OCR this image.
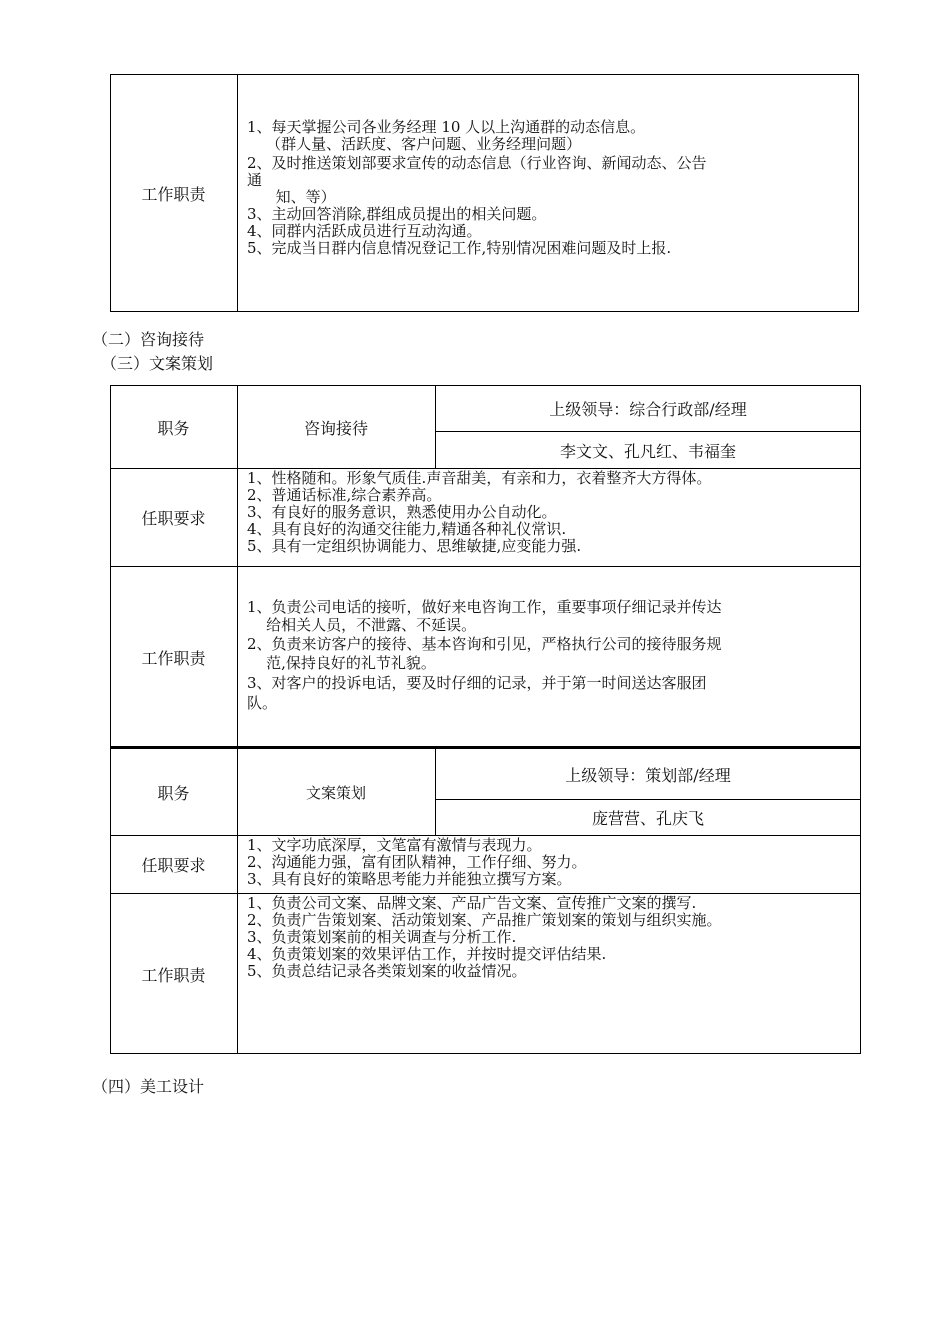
工作职责
1、每天掌握公司各业务经理 10 人以上沟通群的动态信息。
（群人量、活跃度、客户问题、业务经理问题）
2、及时推送策划部要求宣传的动态信息（行业咨询、新闻动态、公告
通
知、等）
3、主动回答消除,群组成员提出的相关问题。
4、同群内活跃成员进行互动沟通。
5、完成当日群内信息情况登记工作,特别情况困难问题及时上报.
（二）咨询接待
（三）文案策划
职务	咨询接待
上级领导：综合行政部/经理
李文文、孔凡红、韦福奎
任职要求
1、性格随和。形象气质佳.声音甜美，有亲和力，衣着整齐大方得体。
2、普通话标准,综合素养高。
3、有良好的服务意识，熟悉使用办公自动化。
4、具有良好的沟通交往能力,精通各种礼仪常识.
5、具有一定组织协调能力、思维敏捷,应变能力强.
工作职责
1、负责公司电话的接听，做好来电咨询工作，重要事项仔细记录并传达
给相关人员，不泄露、不延误。
2、负责来访客户的接待、基本咨询和引见，严格执行公司的接待服务规
范,保持良好的礼节礼貌。
3、对客户的投诉电话，要及时仔细的记录，并于第一时间送达客服团
队。
职务	文案策划
上级领导：策划部/经理
庞营营、孔庆飞
任职要求
1、文字功底深厚，文笔富有激情与表现力。
2、沟通能力强，富有团队精神，工作仔细、努力。
3、具有良好的策略思考能力并能独立撰写方案。
工作职责
1、负责公司文案、品牌文案、产品广告文案、宣传推广文案的撰写.
2、负责广告策划案、活动策划案、产品推广策划案的策划与组织实施。
3、负责策划案前的相关调查与分析工作.
4、负责策划案的效果评估工作，并按时提交评估结果.
5、负责总结记录各类策划案的收益情况。
（四）美工设计
